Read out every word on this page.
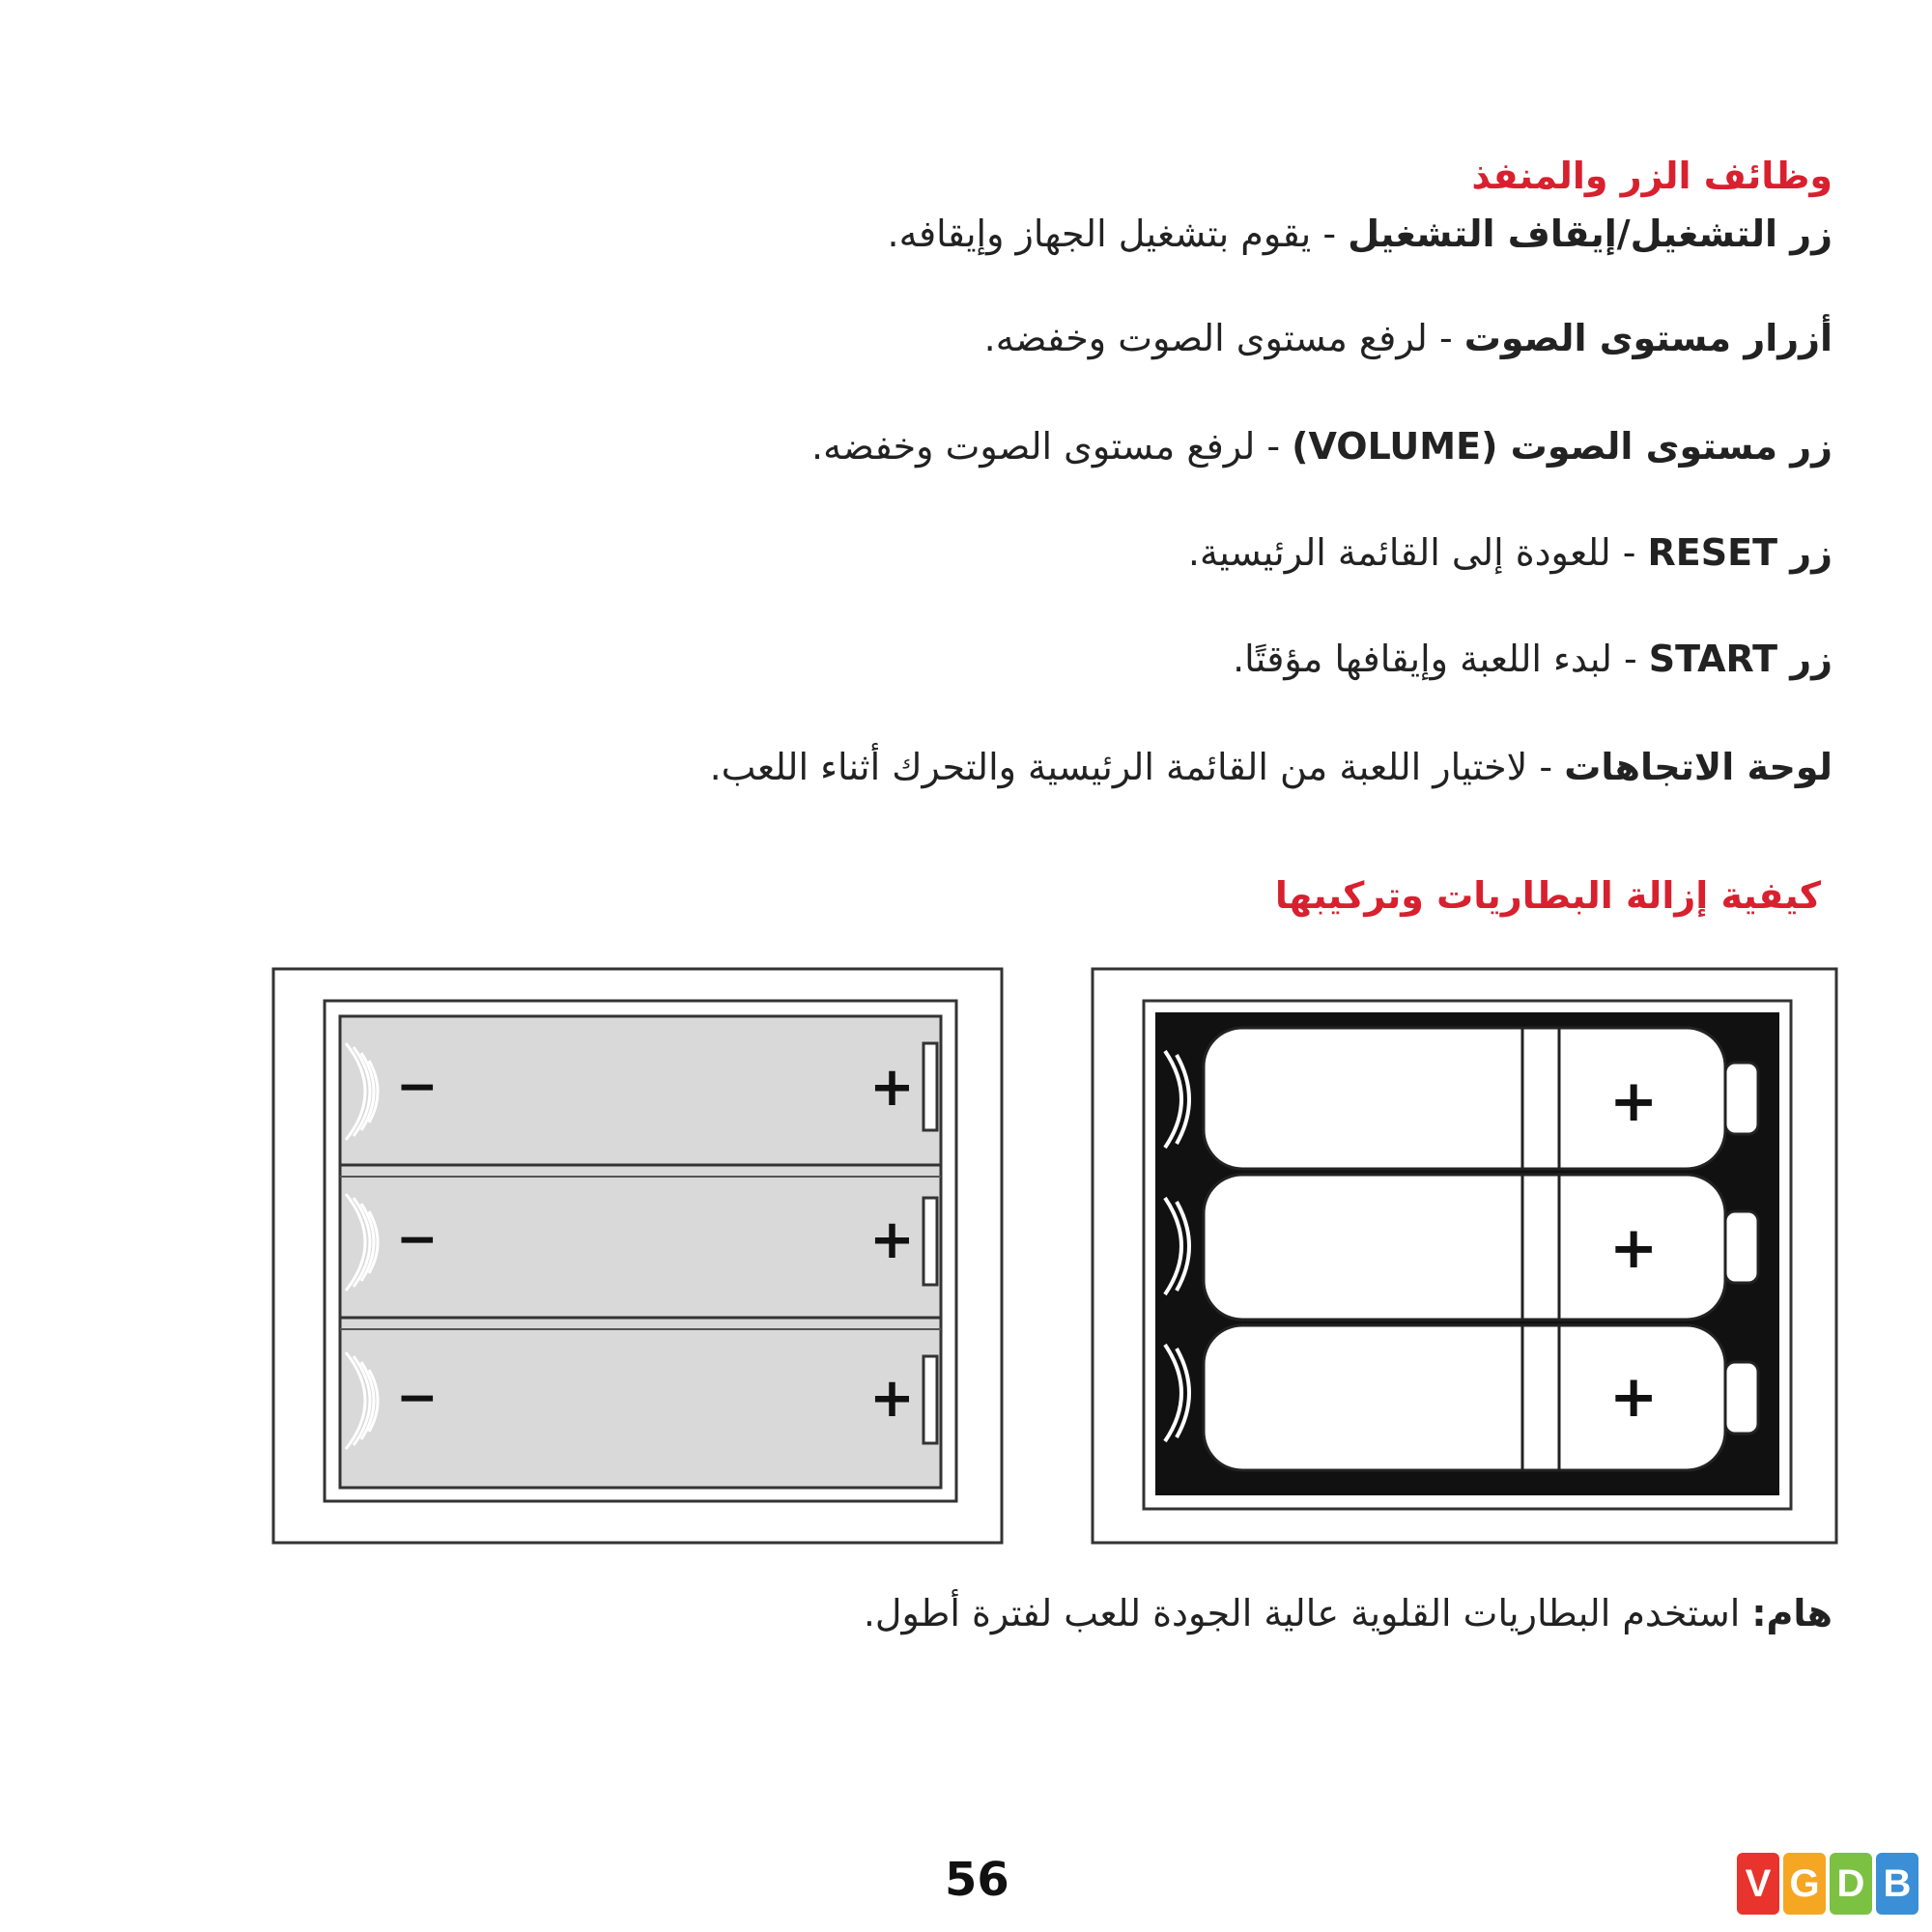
وظائف الزر والمنفذ
زر التشغيل/إيقاف التشغيل - يقوم بتشغيل الجهاز وإيقافه.
أزرار مستوى الصوت - لرفع مستوى الصوت وخفضه.
زر مستوى الصوت (VOLUME) - لرفع مستوى الصوت وخفضه.
زر RESET - للعودة إلى القائمة الرئيسية.
زر START - لبدء اللعبة وإيقافها مؤقتًا.
لوحة الاتجاهات - لاختيار اللعبة من القائمة الرئيسية والتحرك أثناء اللعب.
كيفية إزالة البطاريات وتركيبها
−
−
−
+
+
+
+
+
+
هام: استخدم البطاريات القلوية عالية الجودة للعب لفترة أطول.
56	V G D B
